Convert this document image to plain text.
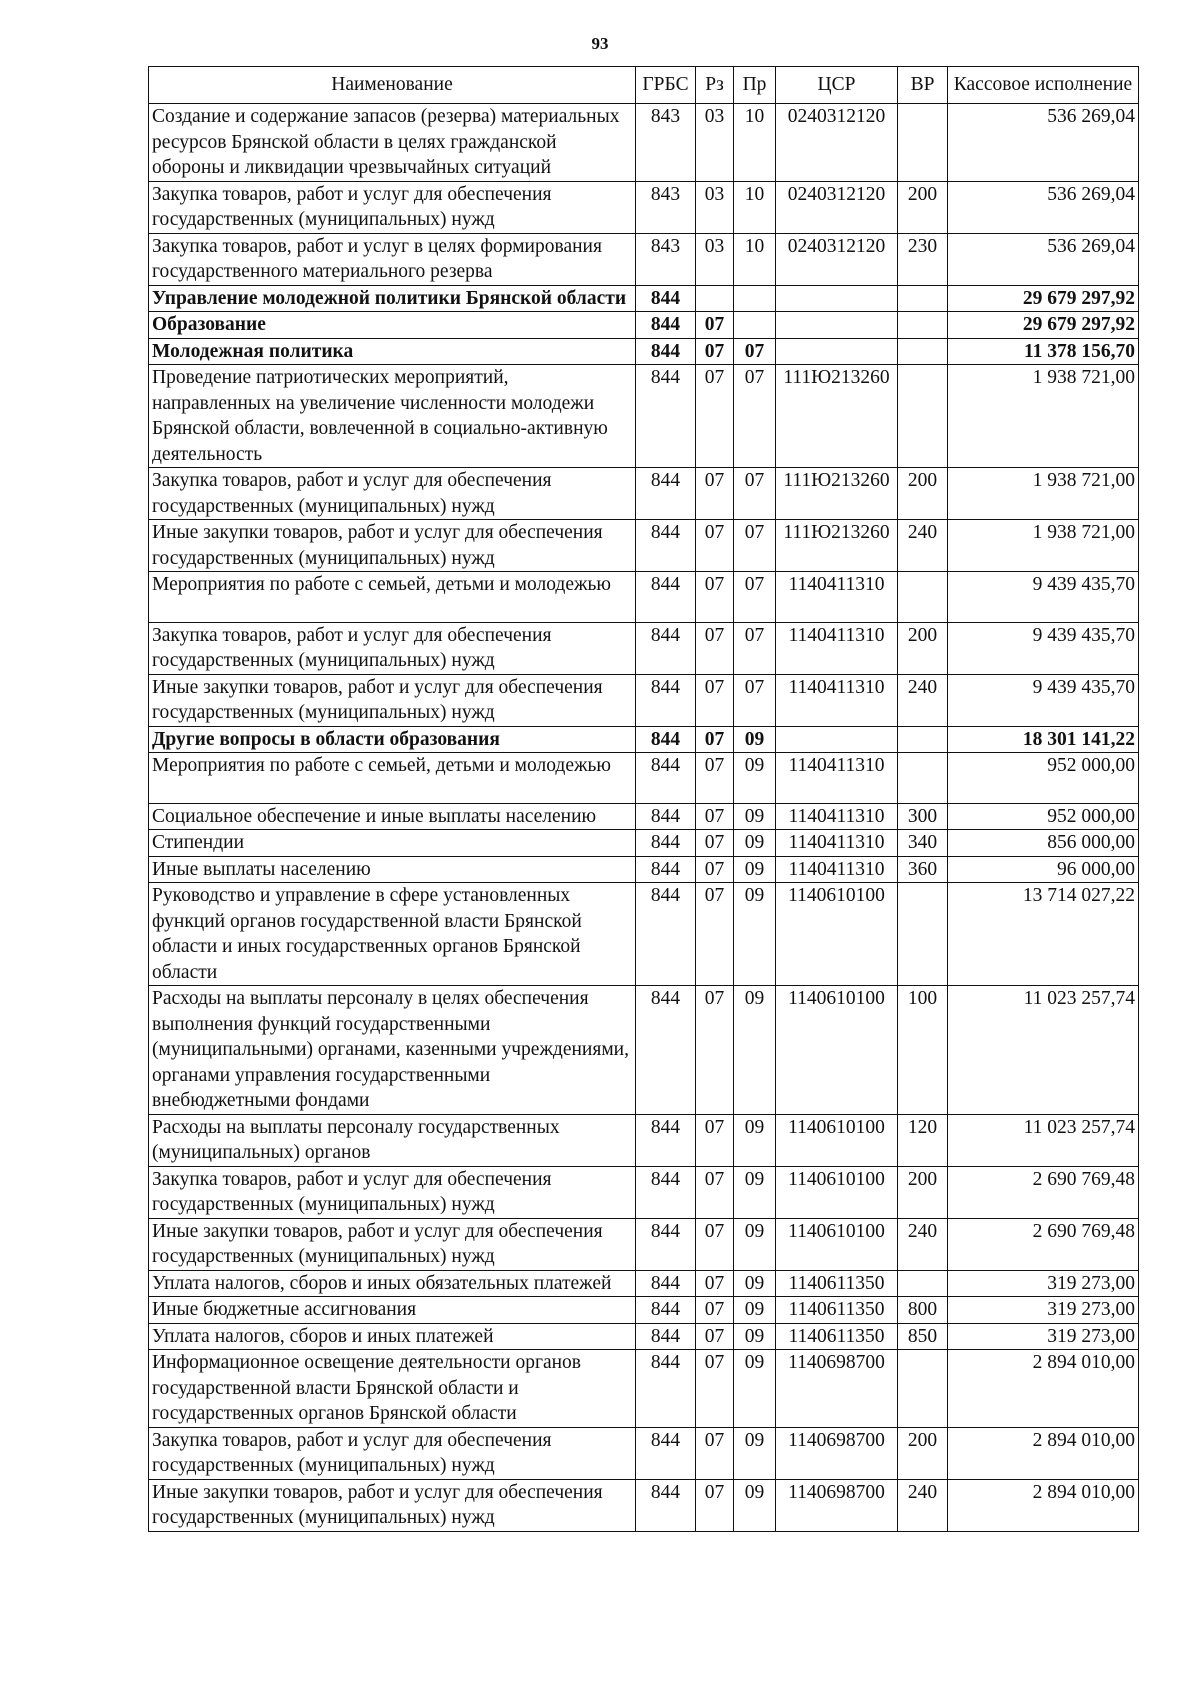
93
Наименование	ГРБС	Рз	Пр	ЦСР	ВР	Кассовое исполнение
Создание и содержание запасов (резерва) материальных ресурсов Брянской области в целях гражданской обороны и ликвидации чрезвычайных ситуаций	843	03	10	0240312120		536 269,04
Закупка товаров, работ и услуг для обеспечения государственных (муниципальных) нужд	843	03	10	0240312120	200	536 269,04
Закупка товаров, работ и услуг в целях формирования государственного материального резерва	843	03	10	0240312120	230	536 269,04
Управление молодежной политики Брянской области	844					29 679 297,92
Образование	844	07				29 679 297,92
Молодежная политика	844	07	07			11 378 156,70
Проведение патриотических мероприятий, направленных на увеличение численности молодежи Брянской области, вовлеченной в социально-активную деятельность	844	07	07	111Ю213260		1 938 721,00
Закупка товаров, работ и услуг для обеспечения государственных (муниципальных) нужд	844	07	07	111Ю213260	200	1 938 721,00
Иные закупки товаров, работ и услуг для обеспечения государственных (муниципальных) нужд	844	07	07	111Ю213260	240	1 938 721,00
Мероприятия по работе с семьей, детьми и молодежью	844	07	07	1140411310		9 439 435,70
Закупка товаров, работ и услуг для обеспечения государственных (муниципальных) нужд	844	07	07	1140411310	200	9 439 435,70
Иные закупки товаров, работ и услуг для обеспечения государственных (муниципальных) нужд	844	07	07	1140411310	240	9 439 435,70
Другие вопросы в области образования	844	07	09			18 301 141,22
Мероприятия по работе с семьей, детьми и молодежью	844	07	09	1140411310		952 000,00
Социальное обеспечение и иные выплаты населению	844	07	09	1140411310	300	952 000,00
Стипендии	844	07	09	1140411310	340	856 000,00
Иные выплаты населению	844	07	09	1140411310	360	96 000,00
Руководство и управление в сфере установленных функций органов государственной власти Брянской области и иных государственных органов Брянской области	844	07	09	1140610100		13 714 027,22
Расходы на выплаты персоналу в целях обеспечения выполнения функций государственными (муниципальными) органами, казенными учреждениями, органами управления государственными внебюджетными фондами	844	07	09	1140610100	100	11 023 257,74
Расходы на выплаты персоналу государственных (муниципальных) органов	844	07	09	1140610100	120	11 023 257,74
Закупка товаров, работ и услуг для обеспечения государственных (муниципальных) нужд	844	07	09	1140610100	200	2 690 769,48
Иные закупки товаров, работ и услуг для обеспечения государственных (муниципальных) нужд	844	07	09	1140610100	240	2 690 769,48
Уплата налогов, сборов и иных обязательных платежей	844	07	09	1140611350		319 273,00
Иные бюджетные ассигнования	844	07	09	1140611350	800	319 273,00
Уплата налогов, сборов и иных платежей	844	07	09	1140611350	850	319 273,00
Информационное освещение деятельности органов государственной власти Брянской области и государственных органов Брянской области	844	07	09	1140698700		2 894 010,00
Закупка товаров, работ и услуг для обеспечения государственных (муниципальных) нужд	844	07	09	1140698700	200	2 894 010,00
Иные закупки товаров, работ и услуг для обеспечения государственных (муниципальных) нужд	844	07	09	1140698700	240	2 894 010,00
